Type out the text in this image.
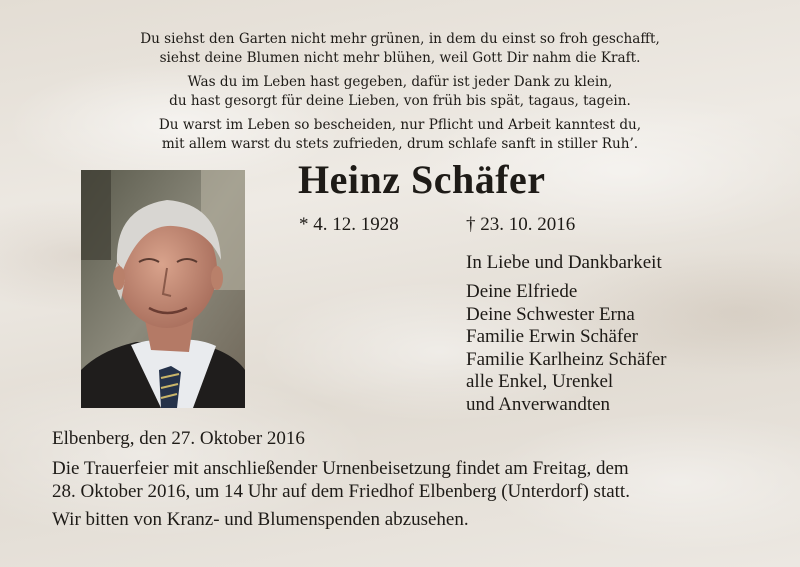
Du siehst den Garten nicht mehr grünen, in dem du einst so froh geschafft,
siehst deine Blumen nicht mehr blühen, weil Gott Dir nahm die Kraft.
Was du im Leben hast gegeben, dafür ist jeder Dank zu klein,
du hast gesorgt für deine Lieben, von früh bis spät, tagaus, tagein.
Du warst im Leben so bescheiden, nur Pflicht und Arbeit kanntest du,
mit allem warst du stets zufrieden, drum schlafe sanft in stiller Ruh’.
Heinz Schäfer
* 4. 12. 1928	† 23. 10. 2016
In Liebe und Dankbarkeit
Deine Elfriede
Deine Schwester Erna
Familie Erwin Schäfer
Familie Karlheinz Schäfer
alle Enkel, Urenkel
und Anverwandten
Elbenberg, den 27. Oktober 2016
Die Trauerfeier mit anschließender Urnenbeisetzung findet am Freitag, dem
28. Oktober 2016, um 14 Uhr auf dem Friedhof Elbenberg (Unterdorf) statt.
Wir bitten von Kranz- und Blumenspenden abzusehen.
